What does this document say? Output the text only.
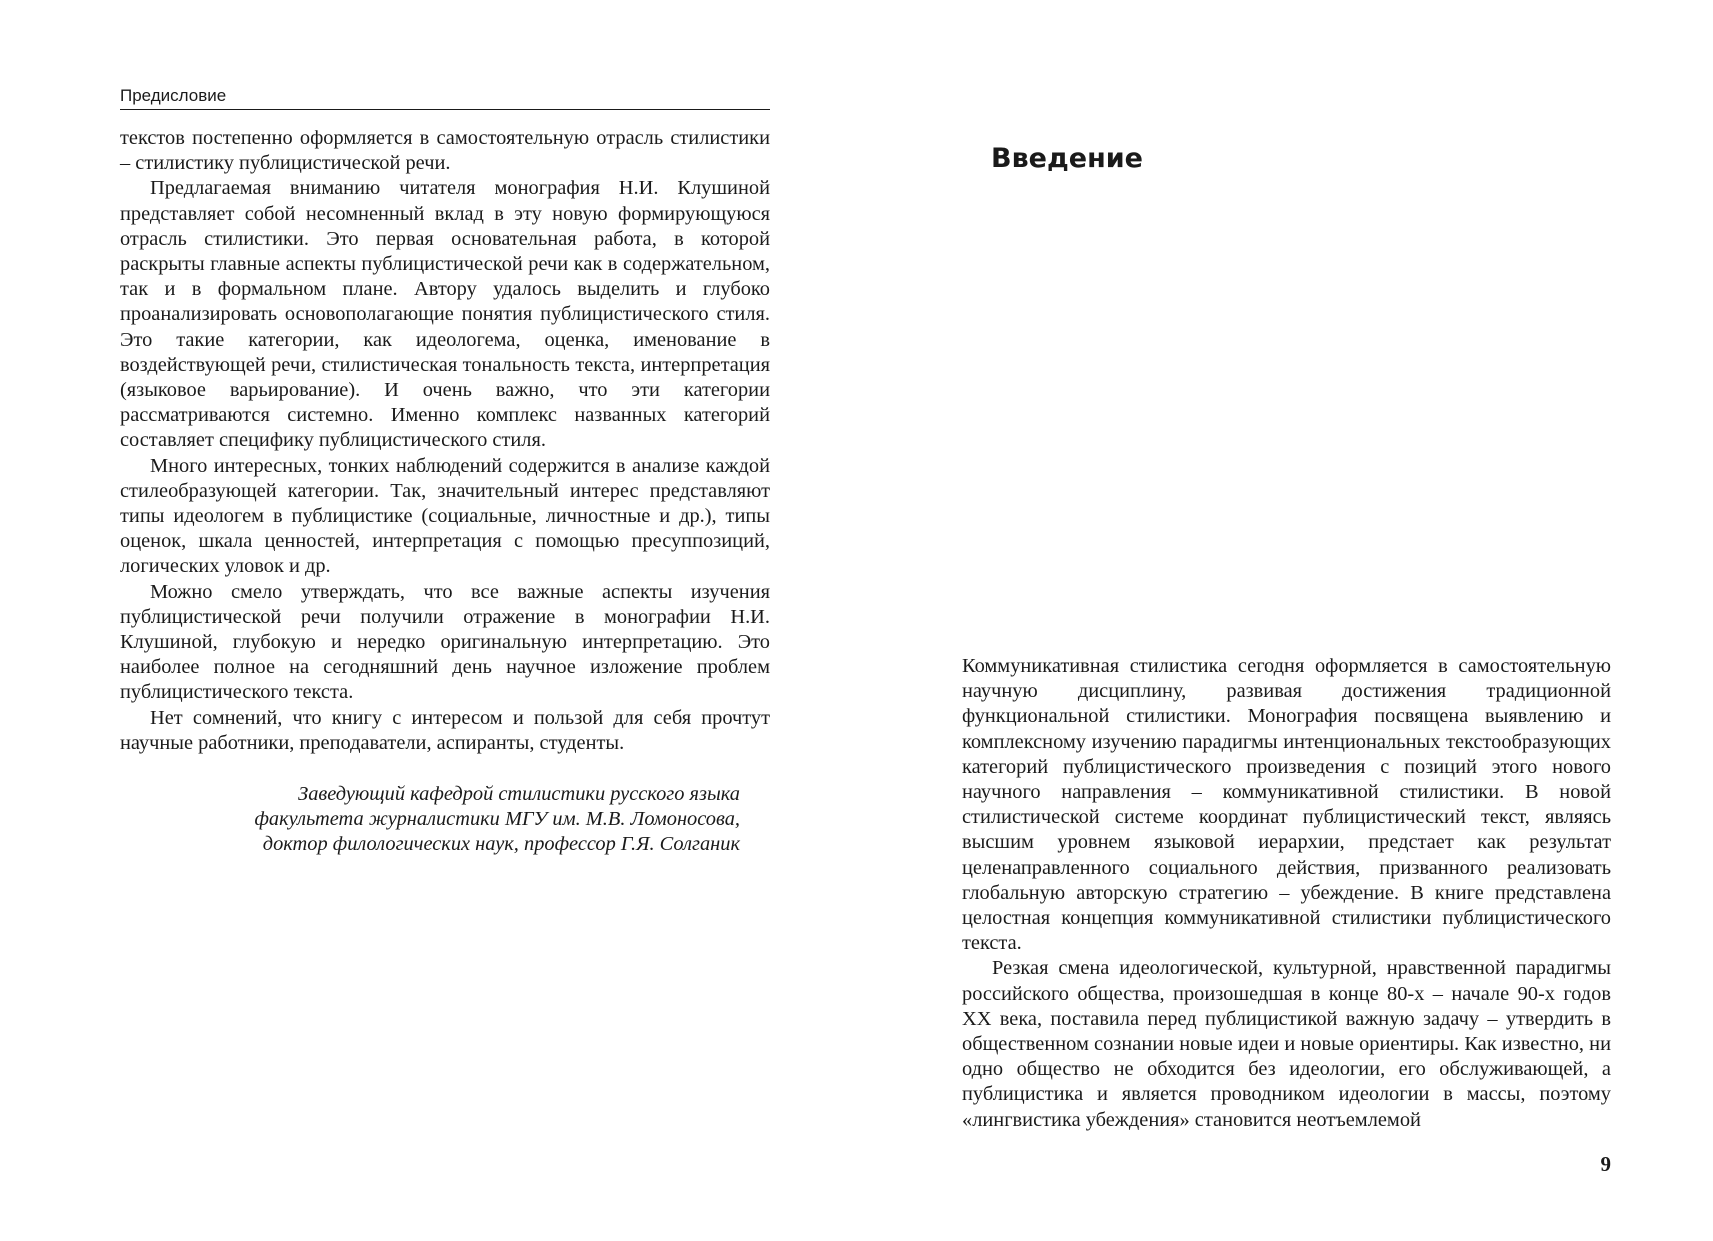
Предисловие

текстов постепенно оформляется в самостоятельную отрасль стилистики – стилистику публицистической речи.

Предлагаемая вниманию читателя монография Н.И. Клушиной представляет собой несомненный вклад в эту новую формирующуюся отрасль стилистики. Это первая основательная работа, в которой раскрыты главные аспекты публицистической речи как в содержательном, так и в формальном плане. Автору удалось выделить и глубоко проанализировать основополагающие понятия публицистического стиля. Это такие категории, как идеологема, оценка, именование в воздействующей речи, стилистическая тональность текста, интерпретация (языковое варьирование). И очень важно, что эти категории рассматриваются системно. Именно комплекс названных категорий составляет специфику публицистического стиля.

Много интересных, тонких наблюдений содержится в анализе каждой стилеобразующей категории. Так, значительный интерес представляют типы идеологем в публицистике (социальные, личностные и др.), типы оценок, шкала ценностей, интерпретация с помощью пресуппозиций, логических уловок и др.

Можно смело утверждать, что все важные аспекты изучения публицистической речи получили отражение в монографии Н.И. Клушиной, глубокую и нередко оригинальную интерпретацию. Это наиболее полное на сегодняшний день научное изложение проблем публицистического текста.

Нет сомнений, что книгу с интересом и пользой для себя прочтут научные работники, преподаватели, аспиранты, студенты.

Заведующий кафедрой стилистики русского языка
факультета журналистики МГУ им. М.В. Ломоносова,
доктор филологических наук, профессор Г.Я. Солганик
Введение

Коммуникативная стилистика сегодня оформляется в самостоятельную научную дисциплину, развивая достижения традиционной функциональной стилистики. Монография посвящена выявлению и комплексному изучению парадигмы интенциональных текстообразующих категорий публицистического произведения с позиций этого нового научного направления – коммуникативной стилистики. В новой стилистической системе координат публицистический текст, являясь высшим уровнем языковой иерархии, предстает как результат целенаправленного социального действия, призванного реализовать глобальную авторскую стратегию – убеждение. В книге представлена целостная концепция коммуникативной стилистики публицистического текста.

Резкая смена идеологической, культурной, нравственной парадигмы российского общества, произошедшая в конце 80-х – начале 90-х годов XX века, поставила перед публицистикой важную задачу – утвердить в общественном сознании новые идеи и новые ориентиры. Как известно, ни одно общество не обходится без идеологии, его обслуживающей, а публицистика и является проводником идеологии в массы, поэтому «лингвистика убеждения» становится неотъемлемой

9
